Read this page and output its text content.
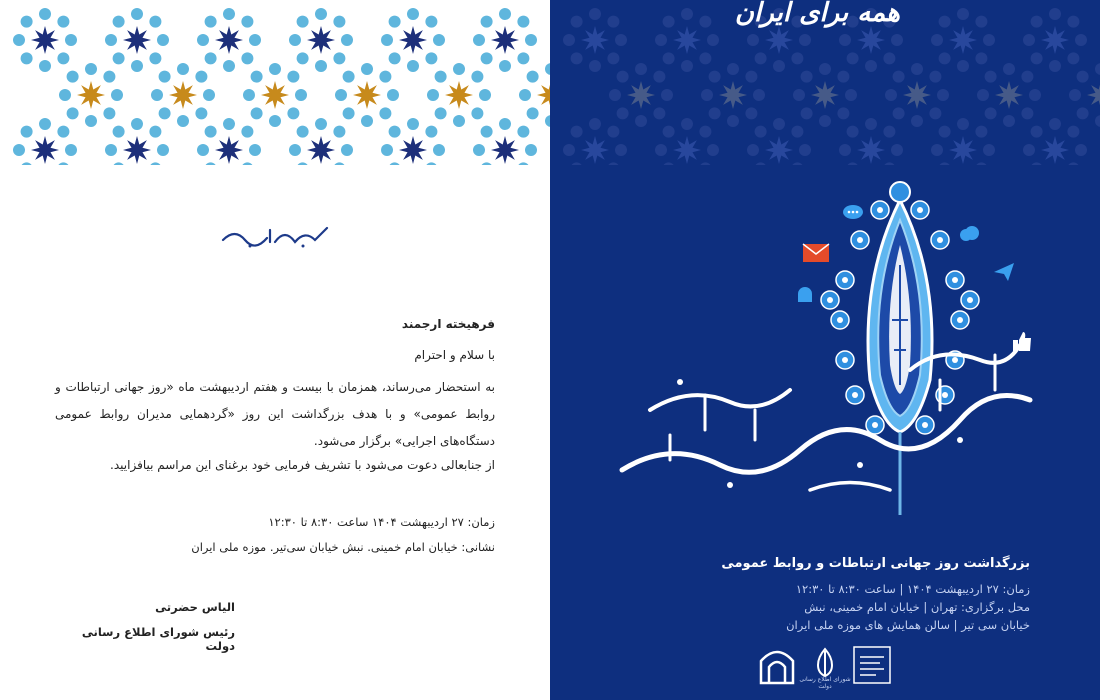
فرهیخته ارجمند
با سلام و احترام
به استحضار می‌رساند، همزمان با بیست و هفتم اردیبهشت ماه «روز جهانی ارتباطات و روابط عمومی» و با هدف بزرگداشت این روز «گردهمایی مدیران روابط عمومی دستگاه‌های اجرایی» برگزار می‌شود.
از جنابعالی دعوت می‌شود با تشریف فرمایی خود برغنای این مراسم بیافزایید.
زمان: ۲۷ اردیبهشت ۱۴۰۴ ساعت ۸:۳۰ تا ۱۲:۳۰
نشانی: خیابان امام خمینی. نبش خیابان سی‌تیر. موزه ملی ایران
الیاس حضرتی
رئیس شورای اطلاع رسانی دولت
همه برای ایران
بزرگداشت روز جهانی ارتباطات و روابط عمومی
زمان: ۲۷ اردیبهشت ۱۴۰۴ | ساعت ۸:۳۰ تا ۱۲:۳۰
محل برگزاری: تهران | خیابان امام خمینی، نبش
خیابان سی تیر | سالن همایش های موزه ملی ایران
شورای اطلاع رسانی دولت
